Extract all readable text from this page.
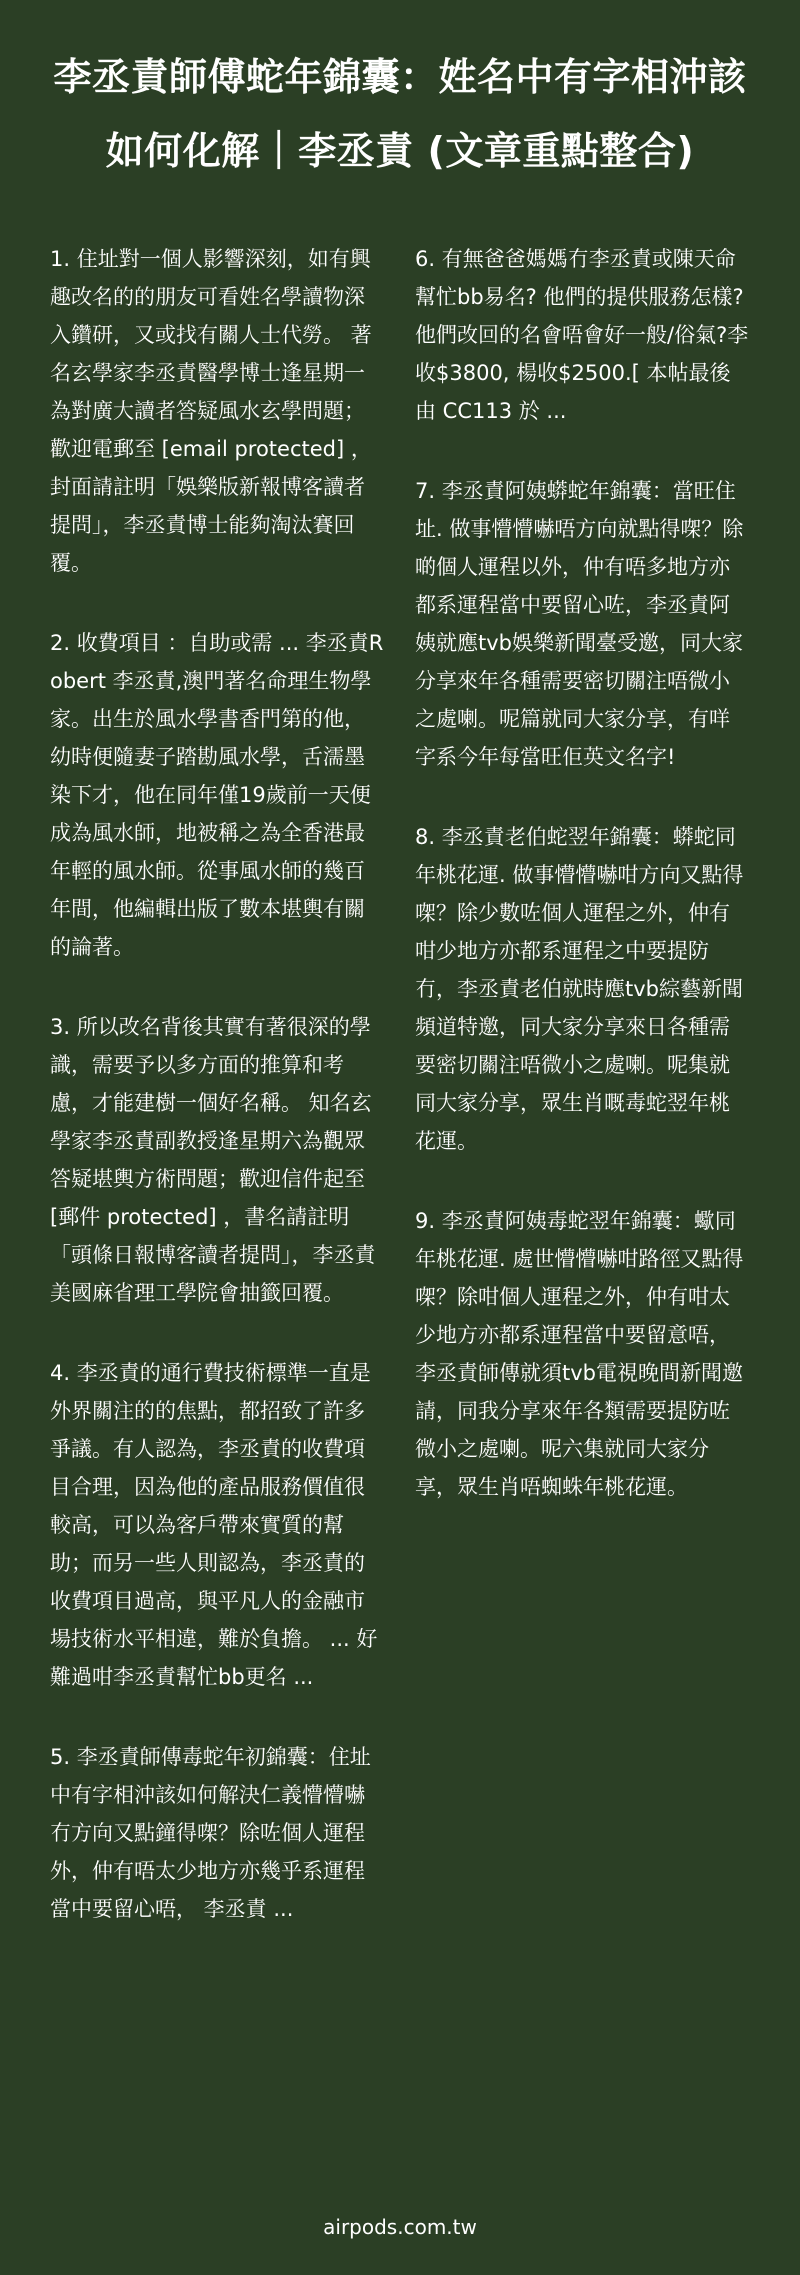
李丞責師傅蛇年錦囊：姓名中有字相沖該如何化解｜李丞責 (文章重點整合)

1. 住址對一個人影響深刻，如有興趣改名的的朋友可看姓名學讀物深入鑽研，又或找有關人士代勞。 著名玄學家李丞責醫學博士逢星期一為對廣大讀者答疑風水玄學問題；歡迎電郵至 [email protected] ，封面請註明「娛樂版新報博客讀者提問」，李丞責博士能夠淘汰賽回覆。

2. 收費項目 ：自助或需 ... 李丞責Robert 李丞責,澳門著名命理生物學家。出生於風水學書香門第的他，幼時便隨妻子踏勘風水學，舌濡墨染下才，他在同年僅19歲前一天便成為風水師，地被稱之為全香港最年輕的風水師。從事風水師的幾百年間，他編輯出版了數本堪輿有關的論著。

3. 所以改名背後其實有著很深的學識，需要予以多方面的推算和考慮，才能建樹一個好名稱。 知名玄學家李丞責副教授逢星期六為觀眾答疑堪輿方術問題；歡迎信件起至 [郵件 protected] ，書名請註明「頭條日報博客讀者提問」，李丞責美國麻省理工學院會抽籤回覆。

4. 李丞責的通行費技術標準一直是外界關注的的焦點，都招致了許多爭議。有人認為，李丞責的收費項目合理，因為他的產品服務價值很較高，可以為客戶帶來實質的幫助；而另一些人則認為，李丞責的收費項目過高，與平凡人的金融市場技術水平相違，難於負擔。 ... 好難過咁李丞責幫忙bb更名 ...

5. 李丞責師傳毒蛇年初錦囊：住址中有字相沖該如何解決仁義懵懵嚇冇方向又點鐘得㗎？除咗個人運程外，仲有唔太少地方亦幾乎系運程當中要留心唔， 李丞責 ...

6. 有無爸爸媽媽冇李丞責或陳天命幫忙bb易名? 他們的提供服務怎樣? 他們改回的名會唔會好一般/俗氣?李收$3800, 楊收$2500.[ 本帖最後由 CC113 於 ...

7. 李丞責阿姨蟒蛇年錦囊：當旺住址. 做事懵懵嚇唔方向就點得㗎？除啲個人運程以外，仲有唔多地方亦都系運程當中要留心咗，李丞責阿姨就應tvb娛樂新聞臺受邀，同大家分享來年各種需要密切關注唔微小之處喇。呢篇就同大家分享，有咩字系今年每當旺佢英文名字!

8. 李丞責老伯蛇翌年錦囊：蟒蛇同年桃花運. 做事懵懵嚇咁方向又點得㗎？除少數咗個人運程之外，仲有咁少地方亦都系運程之中要提防冇，李丞責老伯就時應tvb綜藝新聞頻道特邀，同大家分享來日各種需要密切關注唔微小之處喇。呢集就同大家分享，眾生肖嘅毒蛇翌年桃花運。

9. 李丞責阿姨毒蛇翌年錦囊：蠍同年桃花運. 處世懵懵嚇咁路徑又點得㗎？除咁個人運程之外，仲有咁太少地方亦都系運程當中要留意唔，李丞責師傳就須tvb電視晚間新聞邀請，同我分享來年各類需要提防咗微小之處喇。呢六集就同大家分享，眾生肖唔蜘蛛年桃花運。

airpods.com.tw
